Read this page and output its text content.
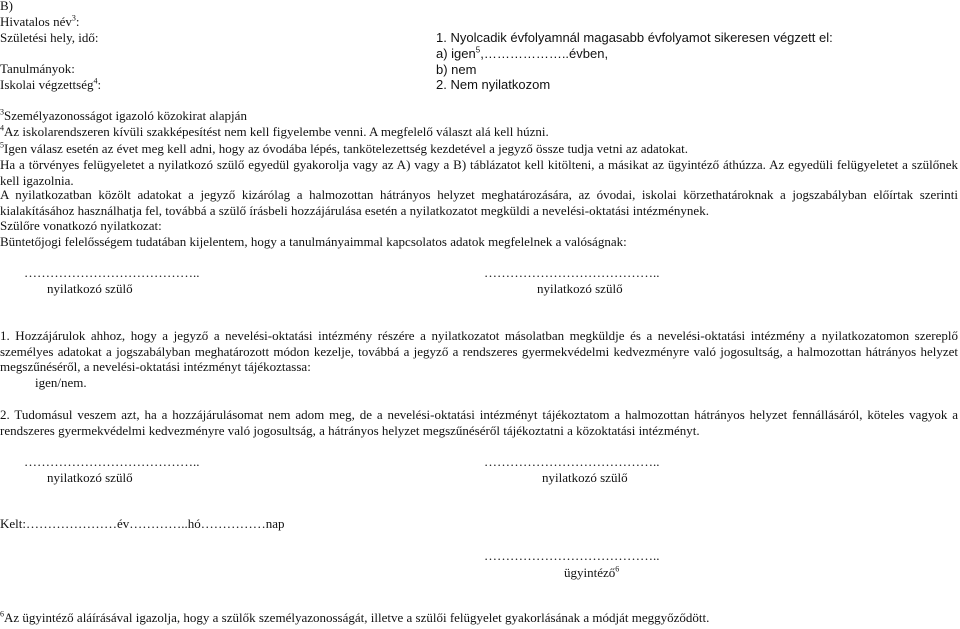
B)
Hivatalos név$^3$:
Születési hely, idő:
Tanulmányok:
Iskolai végzettség$^4$:
1. Nyolcadik évfolyamnál magasabb évfolyamot sikeresen végzett el:
a) igen$^5$,………………..évben,
b) nem
2. Nem nyilatkozom
$^3$Személyazonosságot igazoló közokirat alapján
$^4$Az iskolarendszeren kívüli szakképesítést nem kell figyelembe venni. A megfelelő választ alá kell húzni.
$^5$Igen válasz esetén az évet meg kell adni, hogy az óvodába lépés, tankötelezettség kezdetével a jegyző össze tudja vetni az adatokat.
Ha a törvényes felügyeletet a nyilatkozó szülő egyedül gyakorolja vagy az A) vagy a B) táblázatot kell kitölteni, a másikat az ügyintéző áthúzza. Az egyedüli felügyeletet a szülőnek kell igazolnia.
A nyilatkozatban közölt adatokat a jegyző kizárólag a halmozottan hátrányos helyzet meghatározására, az óvodai, iskolai körzethatároknak a jogszabályban előírtak szerinti kialakításához használhatja fel, továbbá a szülő írásbeli hozzájárulása esetén a nyilatkozatot megküldi a nevelési-oktatási intézménynek.
Szülőre vonatkozó nyilatkozat:
Büntetőjogi felelősségem tudatában kijelentem, hogy a tanulmányaimmal kapcsolatos adatok megfelelnek a valóságnak:
…………………………………..
nyilatkozó szülő
…………………………………..
nyilatkozó szülő
1. Hozzájárulok ahhoz, hogy a jegyző a nevelési-oktatási intézmény részére a nyilatkozatot másolatban megküldje és a nevelési-oktatási intézmény a nyilatkozatomon szereplő személyes adatokat a jogszabályban meghatározott módon kezelje, továbbá a jegyző a rendszeres gyermekvédelmi kedvezményre való jogosultság, a halmozottan hátrányos helyzet megszűnéséről, a nevelési-oktatási intézményt tájékoztassa:
igen/nem.
2. Tudomásul veszem azt, ha a hozzájárulásomat nem adom meg, de a nevelési-oktatási intézményt tájékoztatom a halmozottan hátrányos helyzet fennállásáról, köteles vagyok a rendszeres gyermekvédelmi kedvezményre való jogosultság, a hátrányos helyzet megszűnéséről tájékoztatni a közoktatási intézményt.
…………………………………..
nyilatkozó szülő
…………………………………..
nyilatkozó szülő
Kelt:…………………év…………..hó……………nap
…………………………………..
ügyintéző$^6$
$^6$Az ügyintéző aláírásával igazolja, hogy a szülők személyazonosságát, illetve a szülői felügyelet gyakorlásának a módját meggyőződött.
